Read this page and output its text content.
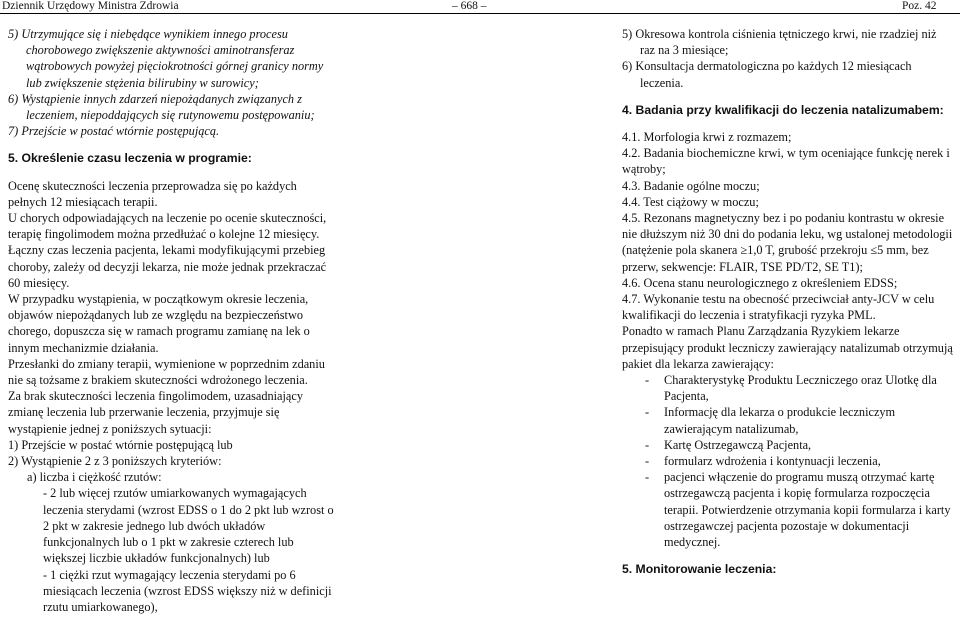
Dziennik Urzędowy Ministra Zdrowia	– 668 –	Poz. 42

5) Utrzymujące się i niebędące wynikiem innego procesu chorobowego zwiększenie aktywności aminotransferaz wątrobowych powyżej pięciokrotności górnej granicy normy lub zwiększenie stężenia bilirubiny w surowicy;

6) Wystąpienie innych zdarzeń niepożądanych związanych z leczeniem, niepoddających się rutynowemu postępowaniu;

7) Przejście w postać wtórnie postępującą.

5. Określenie czasu leczenia w programie:

Ocenę skuteczności leczenia przeprowadza się po każdych pełnych 12 miesiącach terapii.

U chorych odpowiadających na leczenie po ocenie skuteczności, terapię fingolimodem można przedłużać o kolejne 12 miesięcy.

Łączny czas leczenia pacjenta, lekami modyfikującymi przebieg choroby, zależy od decyzji lekarza, nie może jednak przekraczać 60 miesięcy.

W przypadku wystąpienia, w początkowym okresie leczenia, objawów niepożądanych lub ze względu na bezpieczeństwo chorego, dopuszcza się w ramach programu zamianę na lek o innym mechanizmie działania.

Przesłanki do zmiany terapii, wymienione w poprzednim zdaniu nie są tożsame z brakiem skuteczności wdrożonego leczenia.

Za brak skuteczności leczenia fingolimodem, uzasadniający zmianę leczenia lub przerwanie leczenia, przyjmuje się wystąpienie jednej z poniższych sytuacji:

1) Przejście w postać wtórnie postępującą lub

2) Wystąpienie 2 z 3 poniższych kryteriów:

a) liczba i ciężkość rzutów:

- 2 lub więcej rzutów umiarkowanych wymagających leczenia sterydami (wzrost EDSS o 1 do 2 pkt lub wzrost o 2 pkt w zakresie jednego lub dwóch układów funkcjonalnych lub o 1 pkt w zakresie czterech lub większej liczbie układów funkcjonalnych) lub

- 1 ciężki rzut wymagający leczenia sterydami po 6 miesiącach leczenia (wzrost EDSS większy niż w definicji rzutu umiarkowanego),

5) Okresowa kontrola ciśnienia tętniczego krwi, nie rzadziej niż raz na 3 miesiące;

6) Konsultacja dermatologiczna po każdych 12 miesiącach leczenia.

4. Badania przy kwalifikacji do leczenia natalizumabem:

4.1. Morfologia krwi z rozmazem;

4.2. Badania biochemiczne krwi, w tym oceniające funkcję nerek i wątroby;

4.3. Badanie ogólne moczu;

4.4. Test ciążowy w moczu;

4.5. Rezonans magnetyczny bez i po podaniu kontrastu w okresie nie dłuższym niż 30 dni do podania leku, wg ustalonej metodologii (natężenie pola skanera ≥1,0 T, grubość przekroju ≤5 mm, bez przerw, sekwencje: FLAIR, TSE PD/T2, SE T1);

4.6. Ocena stanu neurologicznego z określeniem EDSS;

4.7. Wykonanie testu na obecność przeciwciał anty-JCV w celu kwalifikacji do leczenia i stratyfikacji ryzyka PML.

Ponadto w ramach Planu Zarządzania Ryzykiem lekarze przepisujący produkt leczniczy zawierający natalizumab otrzymują pakiet dla lekarza zawierający:

- Charakterystykę Produktu Leczniczego oraz Ulotkę dla Pacjenta,
- Informację dla lekarza o produkcie leczniczym zawierającym natalizumab,
- Kartę Ostrzegawczą Pacjenta,
- formularz wdrożenia i kontynuacji leczenia,
- pacjenci włączenie do programu muszą otrzymać kartę ostrzegawczą pacjenta i kopię formularza rozpoczęcia terapii. Potwierdzenie otrzymania kopii formularza i karty ostrzegawczej pacjenta pozostaje w dokumentacji medycznej.

5. Monitorowanie leczenia:
